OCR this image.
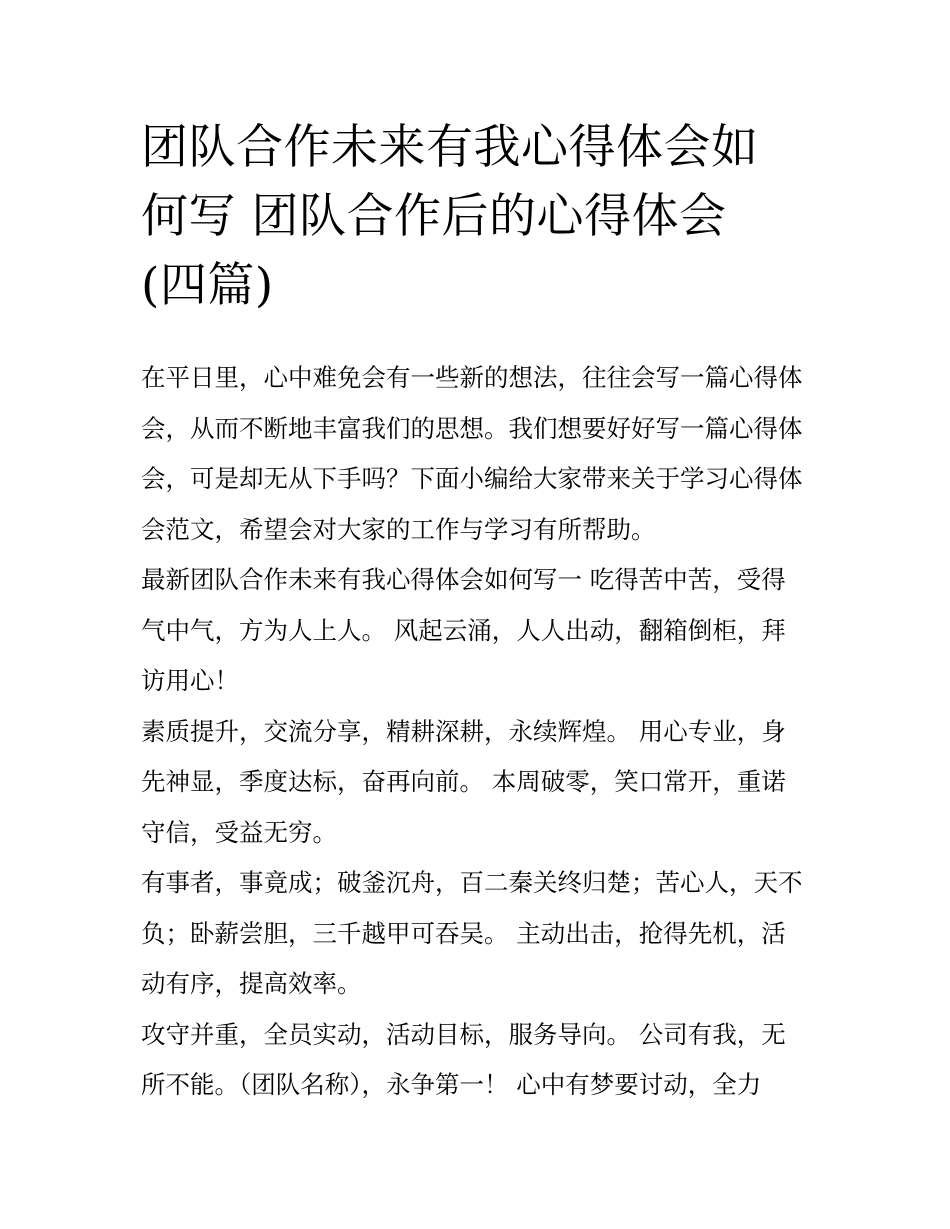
团队合作未来有我心得体会如
何写 团队合作后的心得体会
(四篇)

在平日里，心中难免会有一些新的想法，往往会写一篇心得体
会，从而不断地丰富我们的思想。我们想要好好写一篇心得体
会，可是却无从下手吗？下面小编给大家带来关于学习心得体
会范文，希望会对大家的工作与学习有所帮助。

最新团队合作未来有我心得体会如何写一 吃得苦中苦，受得
气中气，方为人上人。 风起云涌，人人出动，翻箱倒柜，拜
访用心！

素质提升，交流分享，精耕深耕，永续辉煌。 用心专业，身
先神显，季度达标，奋再向前。 本周破零，笑口常开，重诺
守信，受益无穷。

有事者，事竟成；破釜沉舟，百二秦关终归楚；苦心人，天不
负；卧薪尝胆，三千越甲可吞吴。 主动出击，抢得先机，活
动有序，提高效率。

攻守并重，全员实动，活动目标，服务导向。 公司有我，无
所不能。（团队名称），永争第一！ 心中有梦要讨动，全力
